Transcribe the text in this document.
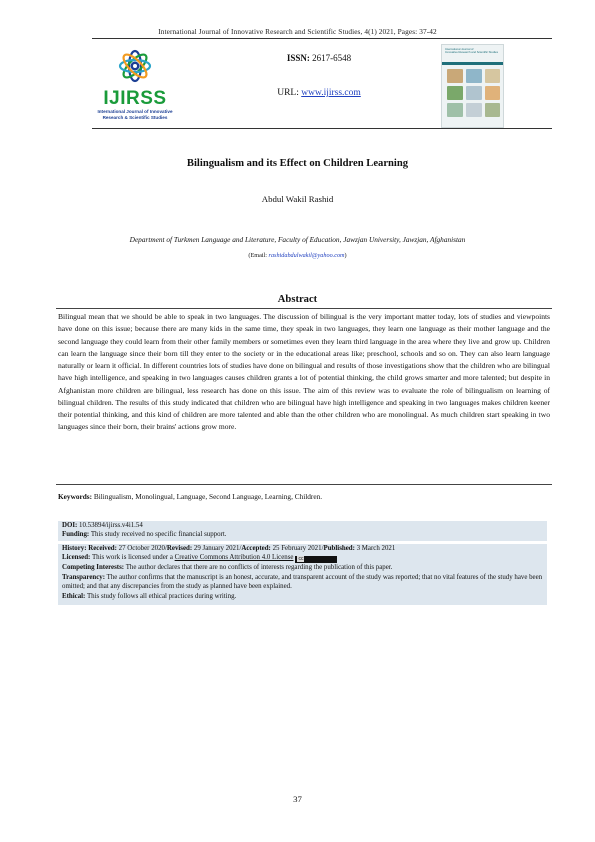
International Journal of Innovative Research and Scientific Studies, 4(1) 2021, Pages: 37-42
IJIRSS
International Journal of Innovative
Research & Scientific Studies
ISSN: 2617-6548
URL: www.ijirss.com
International Journal of
Innovative Research and Scientific Studies
Bilingualism and its Effect on Children Learning
Abdul Wakil Rashid
Department of Turkmen Language and Literature, Faculty of Education, Jawzjan University, Jawzjan, Afghanistan
(Email: rashidabdulwakil@yahoo.com)
Abstract
Bilingual mean that we should be able to speak in two languages. The discussion of bilingual is the very important matter today, lots of studies and viewpoints have done on this issue; because there are many kids in the same time, they speak in two languages, they learn one language as their mother language and the second language they could learn from their other family members or sometimes even they learn third language in the area where they live and grow up. Children can learn the language since their born till they enter to the society or in the educational areas like; preschool, schools and so on. They can also learn language naturally or learn it official. In different countries lots of studies have done on bilingual and results of those investigations show that the children who are bilingual have high intelligence, and speaking in two languages causes children grants a lot of potential thinking, the child grows smarter and more talented; but despite in Afghanistan more children are bilingual, less research has done on this issue. The aim of this review was to evaluate the role of bilingualism on learning of bilingual children. The results of this study indicated that children who are bilingual have high intelligence and speaking in two languages makes children keener their potential thinking, and this kind of children are more talented and able than the other children who are monolingual. As much children start speaking in two languages since their born, their brains' actions grow more.
Keywords: Bilingualism, Monolingual, Language, Second Language, Learning, Children.
DOI: 10.53894/ijirss.v4i1.54
Funding: This study received no specific financial support.
History: Received: 27 October 2020/Revised: 29 January 2021/Accepted: 25 February 2021/Published: 3 March 2021
Licensed: This work is licensed under a Creative Commons Attribution 4.0 License cc
Competing Interests: The author declares that there are no conflicts of interests regarding the publication of this paper.
Transparency: The author confirms that the manuscript is an honest, accurate, and transparent account of the study was reported; that no vital features of the study have been omitted; and that any discrepancies from the study as planned have been explained.
Ethical: This study follows all ethical practices during writing.
37
